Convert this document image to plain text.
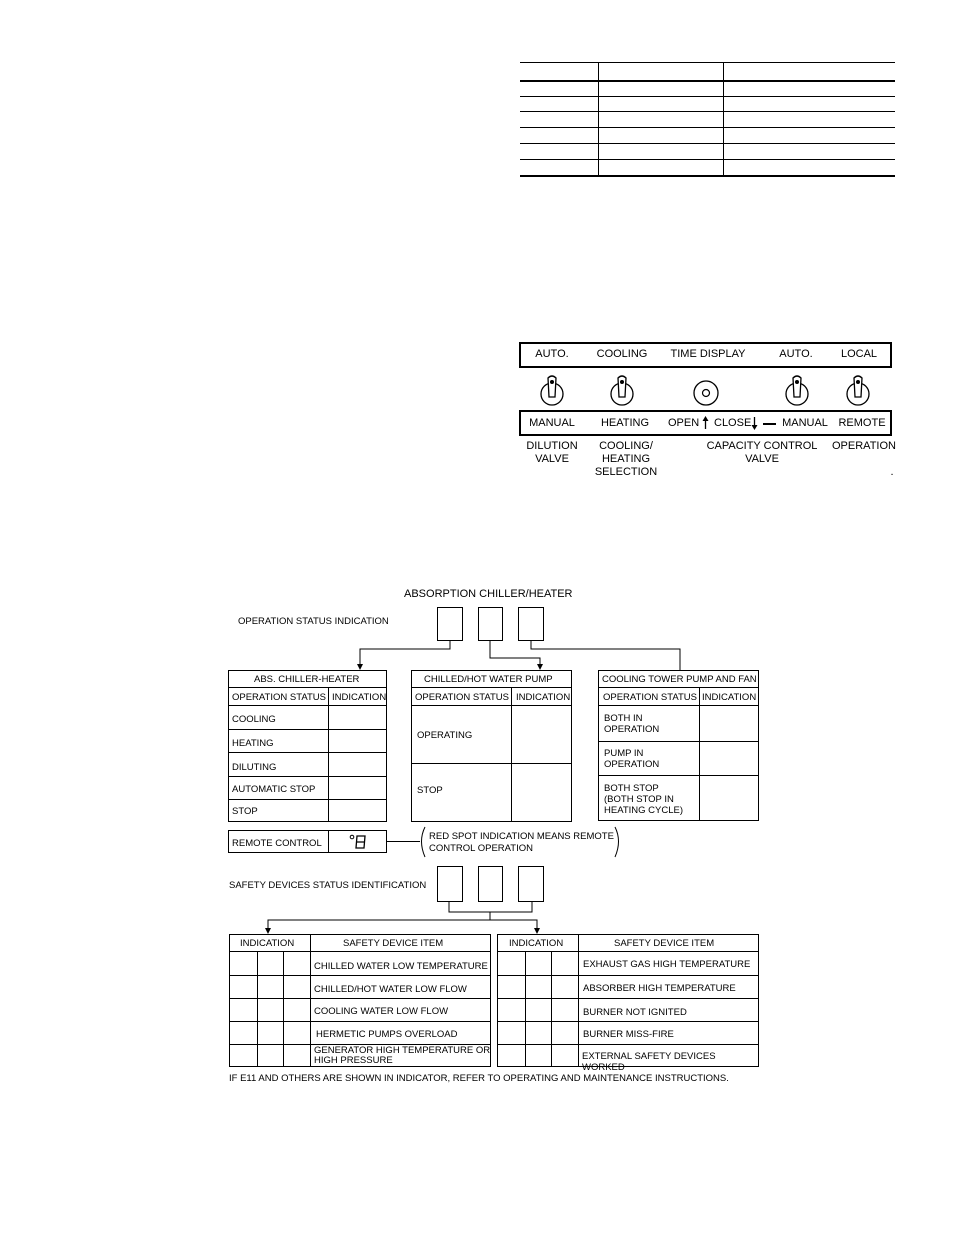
AUTO.	COOLING	TIME DISPLAY	AUTO.	LOCAL
MANUAL	HEATING	OPEN CLOSE	MANUAL REMOTE
DILUTION
VALVE
COOLING/
HEATING
SELECTION
CAPACITY CONTROL
VALVE
OPERATION
.
ABSORPTION CHILLER/HEATER
OPERATION STATUS INDICATION
ABS. CHILLER-HEATER
OPERATION STATUS INDICATION
COOLING
HEATING
DILUTING
AUTOMATIC STOP
STOP
CHILLED/HOT WATER PUMP
OPERATION STATUS INDICATION
OPERATING
STOP
COOLING TOWER PUMP AND FAN
OPERATION STATUS INDICATION
BOTH IN
OPERATION
PUMP IN
OPERATION
BOTH STOP
(BOTH STOP IN
HEATING CYCLE)
REMOTE CONTROL
RED SPOT INDICATION MEANS REMOTE
CONTROL OPERATION
SAFETY DEVICES STATUS IDENTIFICATION
INDICATION	SAFETY DEVICE ITEM
CHILLED WATER LOW TEMPERATURE
CHILLED/HOT WATER LOW FLOW
COOLING WATER LOW FLOW
HERMETIC PUMPS OVERLOAD
GENERATOR HIGH TEMPERATURE OR
HIGH PRESSURE
INDICATION	SAFETY DEVICE ITEM
EXHAUST GAS HIGH TEMPERATURE
ABSORBER HIGH TEMPERATURE
BURNER NOT IGNITED
BURNER MISS-FIRE
EXTERNAL SAFETY DEVICES WORKED
IF E11 AND OTHERS ARE SHOWN IN INDICATOR, REFER TO OPERATING AND MAINTENANCE INSTRUCTIONS.
